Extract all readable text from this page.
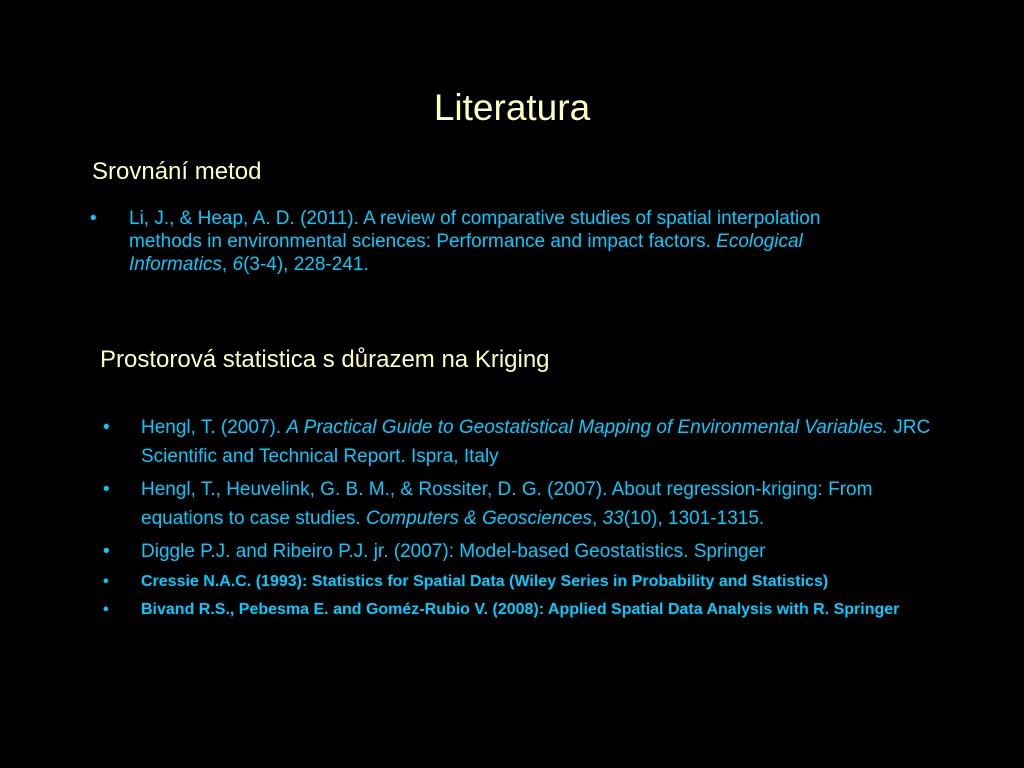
Literatura
Srovnání metod
• Li, J., & Heap, A. D. (2011). A review of comparative studies of spatial interpolation methods in environmental sciences: Performance and impact factors. Ecological Informatics, 6(3-4), 228-241.
Prostorová statistica s důrazem na Kriging
• Hengl, T. (2007). A Practical Guide to Geostatistical Mapping of Environmental Variables. JRC Scientific and Technical Report. Ispra, Italy
• Hengl, T., Heuvelink, G. B. M., & Rossiter, D. G. (2007). About regression-kriging: From equations to case studies. Computers & Geosciences, 33(10), 1301-1315.
• Diggle P.J. and Ribeiro P.J. jr. (2007): Model-based Geostatistics. Springer
• Cressie N.A.C. (1993): Statistics for Spatial Data (Wiley Series in Probability and Statistics)
• Bivand R.S., Pebesma E. and Goméz-Rubio V. (2008): Applied Spatial Data Analysis with R. Springer
